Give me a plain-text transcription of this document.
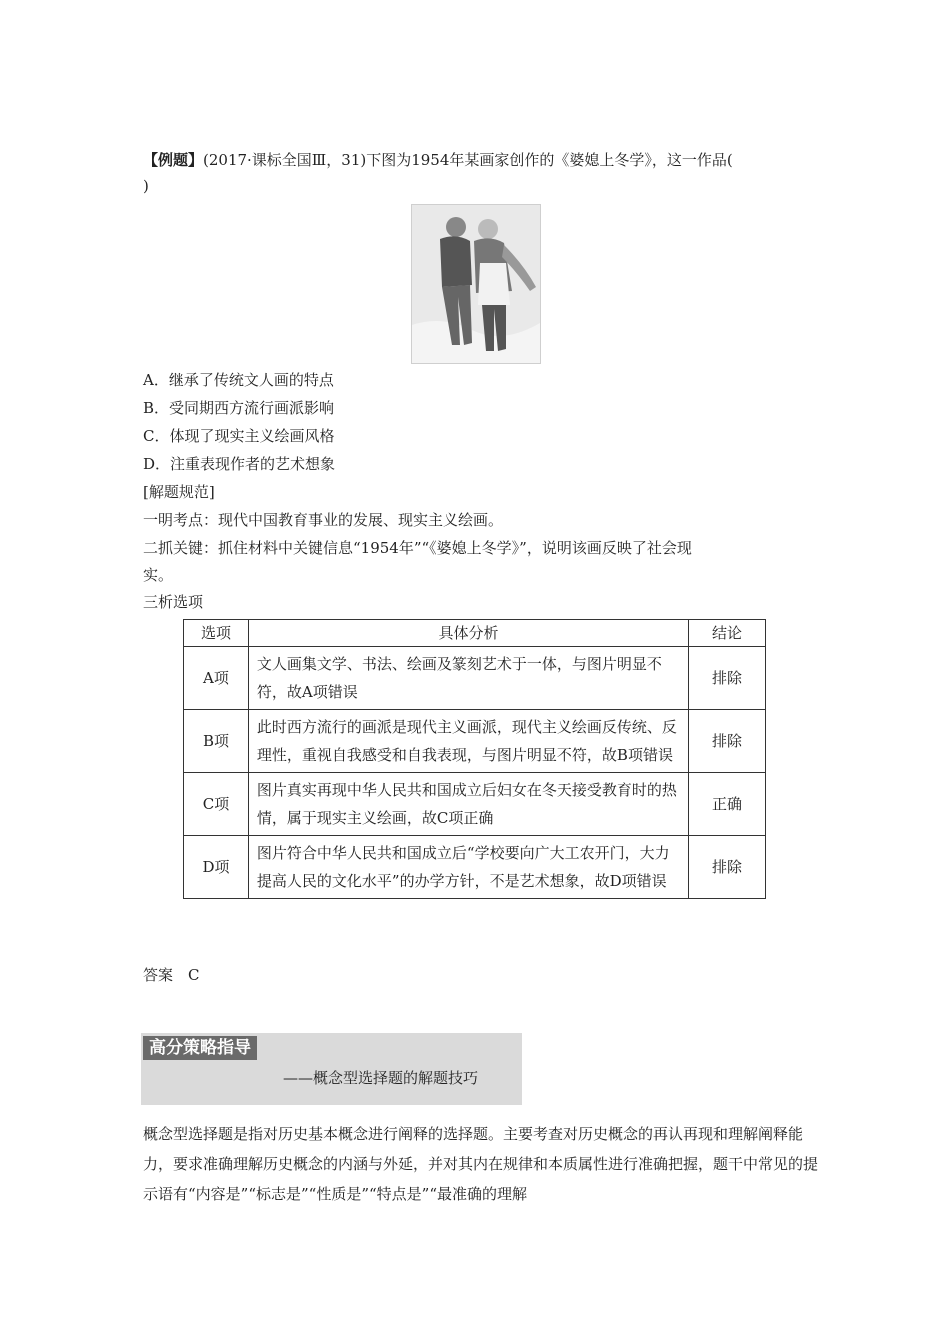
【例题】(2017·课标全国Ⅲ，31)下图为1954年某画家创作的《婆媳上冬学》，这一作品(
)
A．继承了传统文人画的特点
B．受同期西方流行画派影响
C．体现了现实主义绘画风格
D．注重表现作者的艺术想象
[解题规范]
一明考点：现代中国教育事业的发展、现实主义绘画。
二抓关键：抓住材料中关键信息“1954年”“《婆媳上冬学》”，说明该画反映了社会现
实。
三析选项
选项	具体分析	结论
A项	文人画集文学、书法、绘画及篆刻艺术于一体，与图片明显不符，故A项错误	排除
B项	此时西方流行的画派是现代主义画派，现代主义绘画反传统、反理性，重视自我感受和自我表现，与图片明显不符，故B项错误	排除
C项	图片真实再现中华人民共和国成立后妇女在冬天接受教育时的热情，属于现实主义绘画，故C项正确	正确
D项	图片符合中华人民共和国成立后“学校要向广大工农开门，大力提高人民的文化水平”的办学方针，不是艺术想象，故D项错误	排除
答案　C
高分策略指导
——概念型选择题的解题技巧
概念型选择题是指对历史基本概念进行阐释的选择题。主要考查对历史概念的再认再现和理解阐释能力，要求准确理解历史概念的内涵与外延，并对其内在规律和本质属性进行准确把握，题干中常见的提示语有“内容是”“标志是”“性质是”“特点是”“最准确的理解
